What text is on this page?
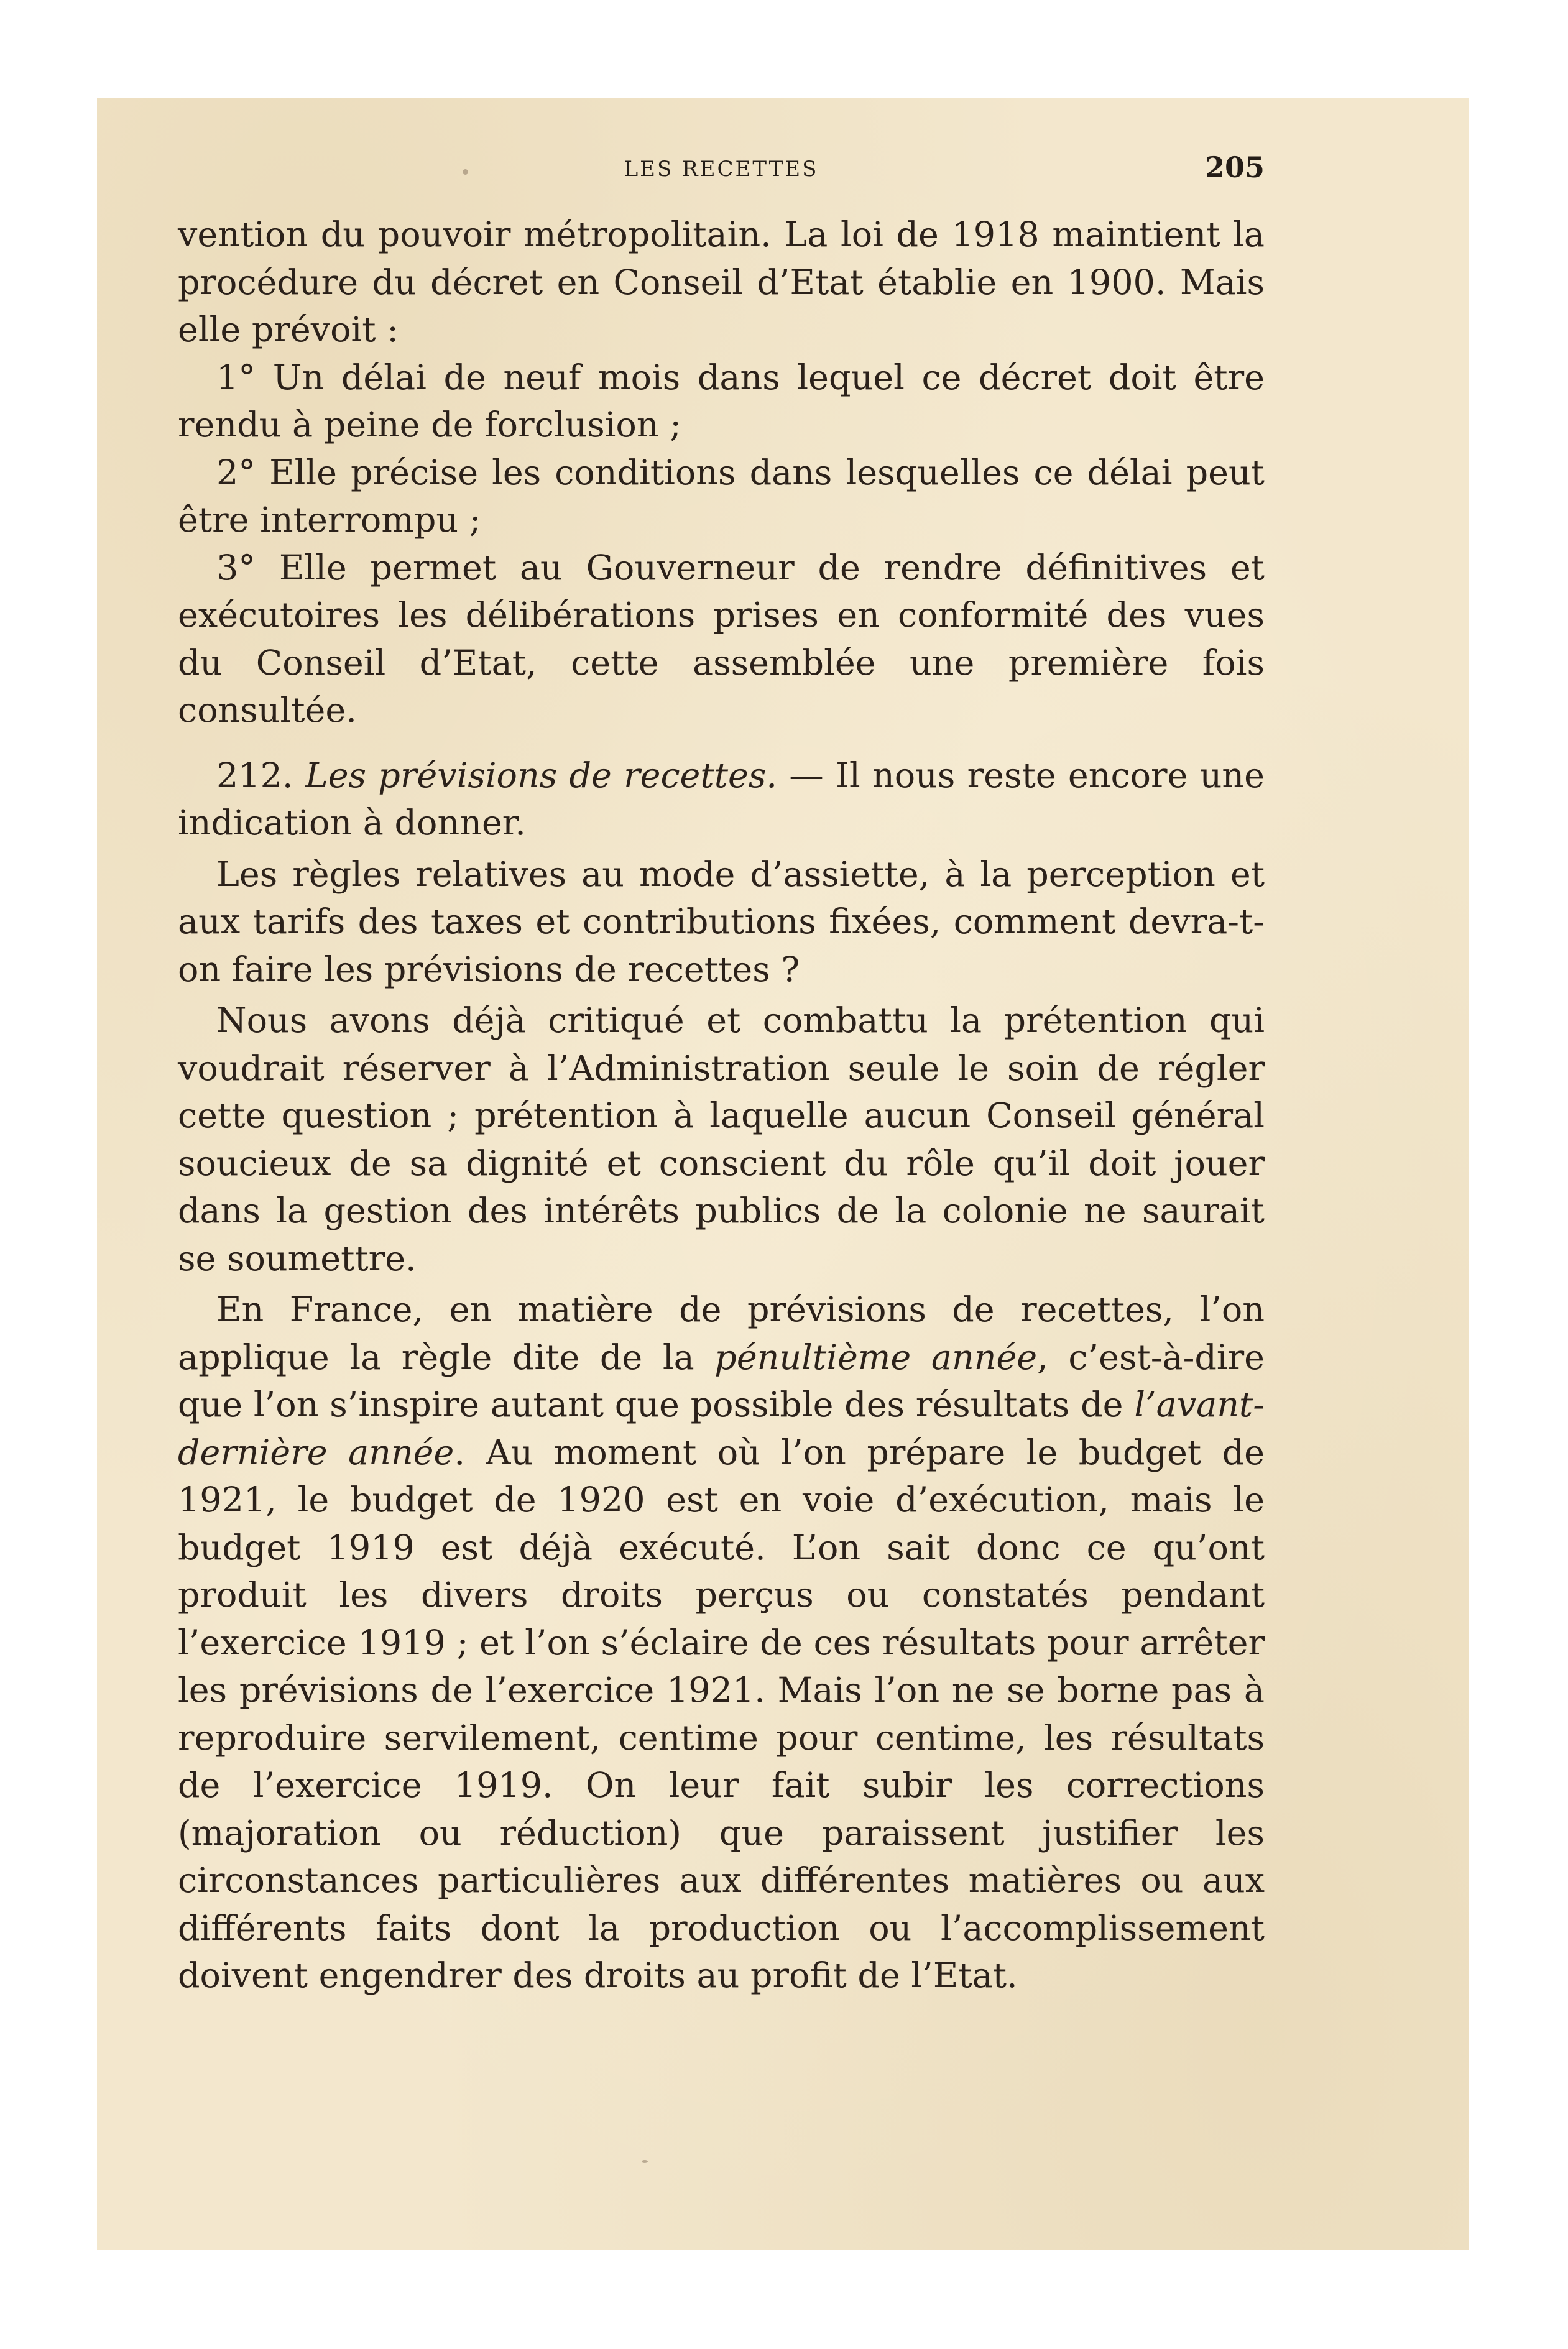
LES RECETTES	205

vention du pouvoir métropolitain. La loi de 1918 maintient la procédure du décret en Conseil d’Etat établie en 1900. Mais elle prévoit :

1° Un délai de neuf mois dans lequel ce décret doit être rendu à peine de forclusion ;

2° Elle précise les conditions dans lesquelles ce délai peut être interrompu ;

3° Elle permet au Gouverneur de rendre définitives et exécutoires les délibérations prises en conformité des vues du Conseil d’Etat, cette assemblée une première fois consultée.

212. Les prévisions de recettes. — Il nous reste encore une indication à donner.

Les règles relatives au mode d’assiette, à la perception et aux tarifs des taxes et contributions fixées, comment devra-t-on faire les prévisions de recettes ?

Nous avons déjà critiqué et combattu la prétention qui voudrait réserver à l’Administration seule le soin de régler cette question ; prétention à laquelle aucun Conseil général soucieux de sa dignité et conscient du rôle qu’il doit jouer dans la gestion des intérêts publics de la colonie ne saurait se soumettre.

En France, en matière de prévisions de recettes, l’on applique la règle dite de la pénultième année, c’est-à-dire que l’on s’inspire autant que possible des résultats de l’avant-dernière année. Au moment où l’on prépare le budget de 1921, le budget de 1920 est en voie d’exécution, mais le budget 1919 est déjà exécuté. L’on sait donc ce qu’ont produit les divers droits perçus ou constatés pendant l’exercice 1919 ; et l’on s’éclaire de ces résultats pour arrêter les prévisions de l’exercice 1921. Mais l’on ne se borne pas à reproduire servilement, centime pour centime, les résultats de l’exercice 1919. On leur fait subir les corrections (majoration ou réduction) que paraissent justifier les circonstances particulières aux différentes matières ou aux différents faits dont la production ou l’accomplissement doivent engendrer des droits au profit de l’Etat.
